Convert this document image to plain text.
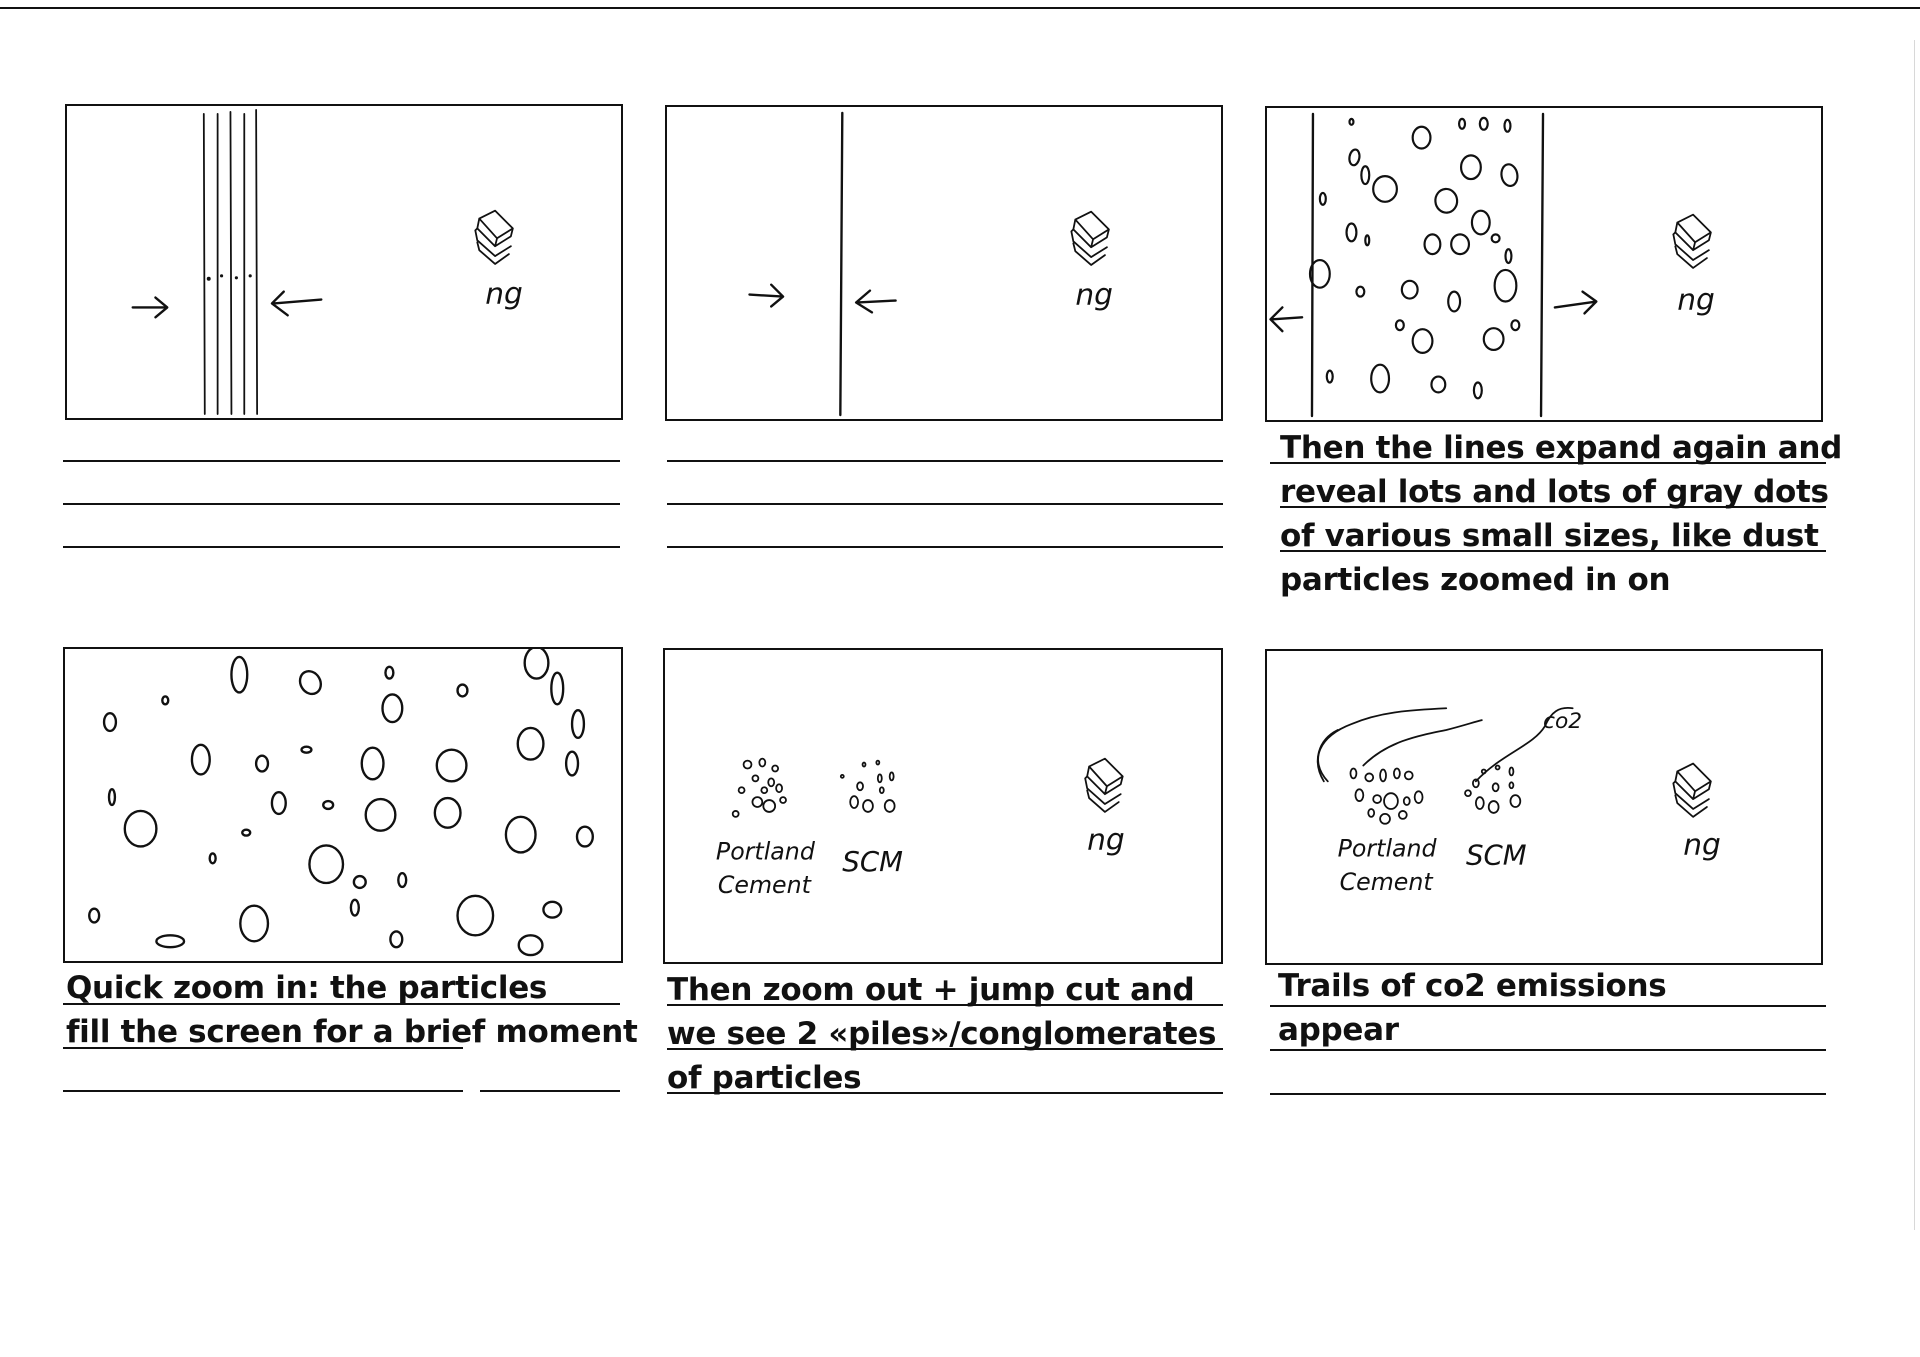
ng	ng	ng

Then the lines expand again and
reveal lots and lots of gray dots
of various small sizes, like dust
particles zoomed in on

Quick zoom in: the particles
fill the screen for a brief moment

Portland
Cement
SCM
ng

Then zoom out + jump cut and
we see 2 «piles»/conglomerates
of particles

co2
Portland
Cement
SCM	ng

Trails of co2 emissions
appear
